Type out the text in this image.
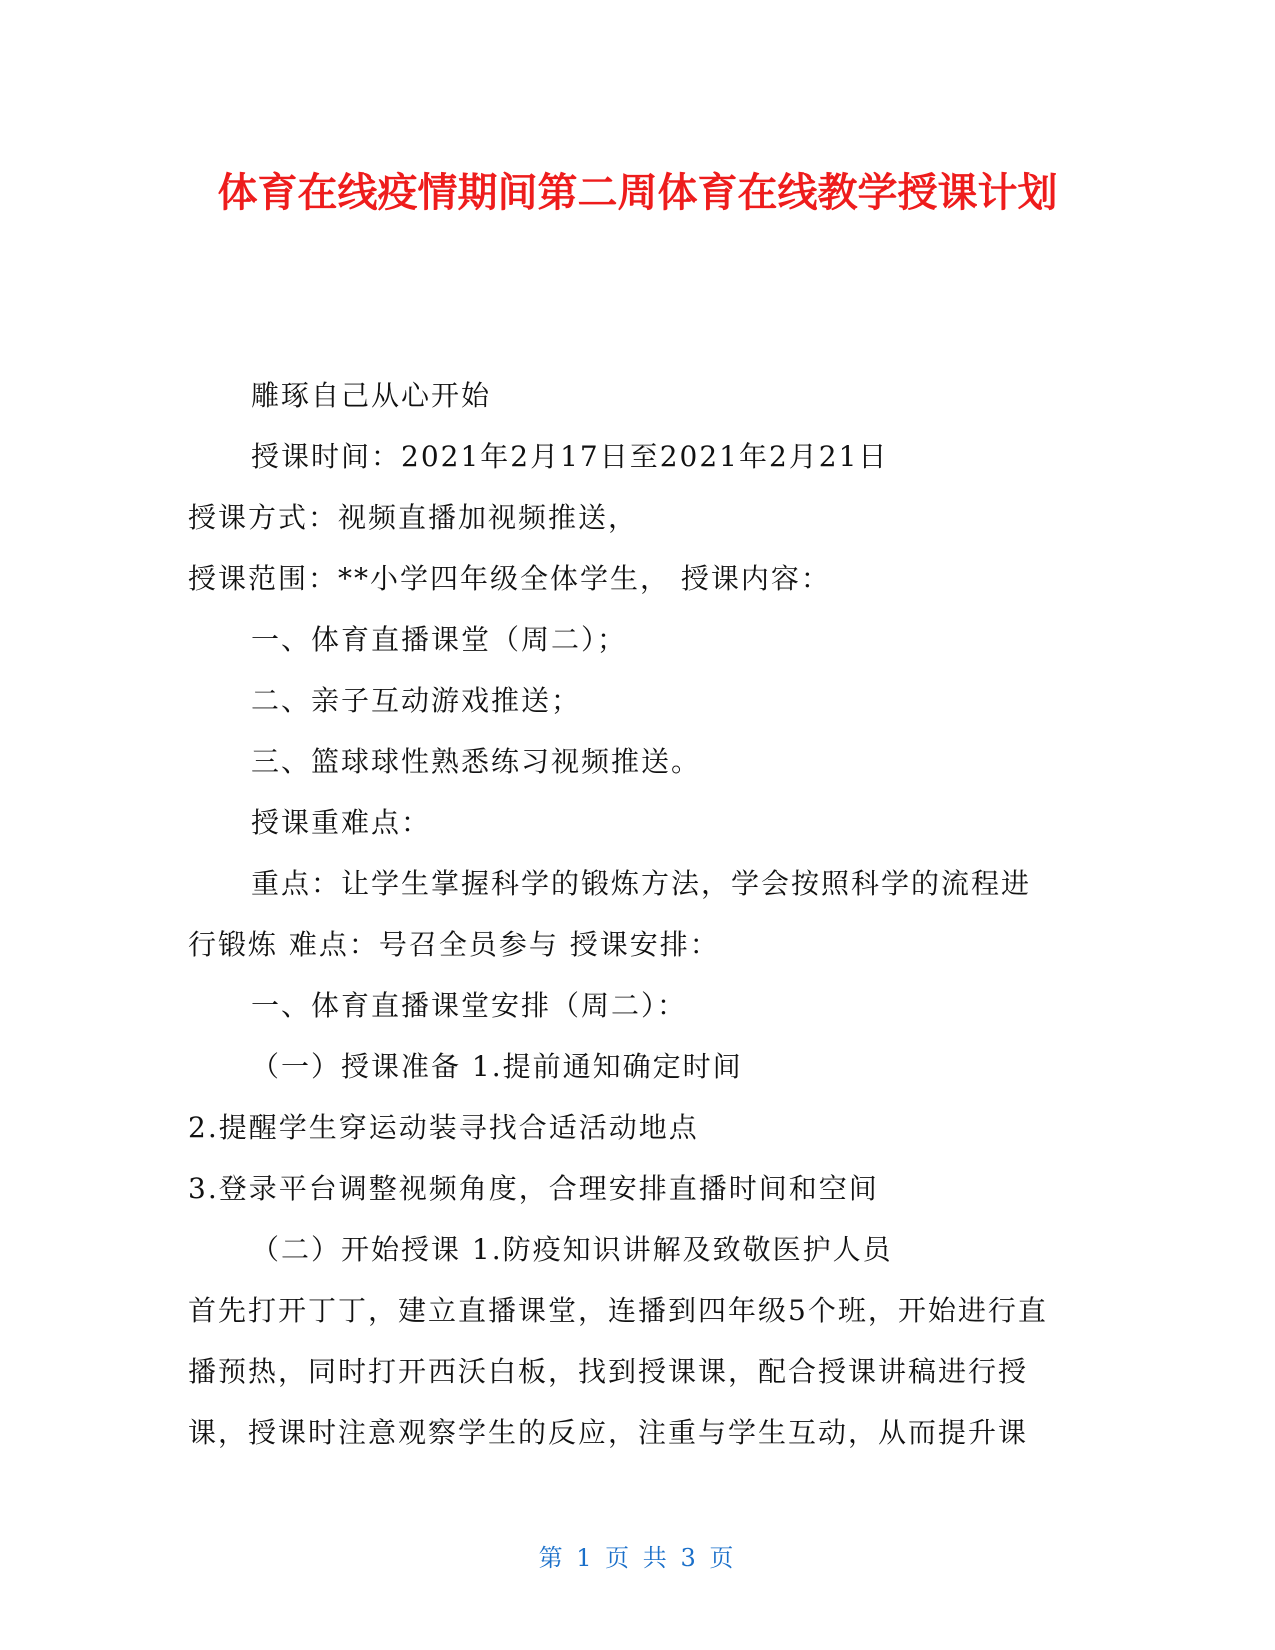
体育在线疫情期间第二周体育在线教学授课计划
雕琢自己从心开始
授课时间：2021年2月17日至2021年2月21日
授课方式：视频直播加视频推送，
授课范围：**小学四年级全体学生， 授课内容：
一、体育直播课堂（周二）；
二、亲子互动游戏推送；
三、篮球球性熟悉练习视频推送。
授课重难点：
重点：让学生掌握科学的锻炼方法，学会按照科学的流程进
行锻炼 难点：号召全员参与 授课安排：
一、体育直播课堂安排（周二）：
（一）授课准备 1.提前通知确定时间
2.提醒学生穿运动装寻找合适活动地点
3.登录平台调整视频角度，合理安排直播时间和空间
（二）开始授课 1.防疫知识讲解及致敬医护人员
首先打开丁丁，建立直播课堂，连播到四年级5个班，开始进行直
播预热，同时打开西沃白板，找到授课课，配合授课讲稿进行授
课，授课时注意观察学生的反应，注重与学生互动，从而提升课
第 1 页 共 3 页
